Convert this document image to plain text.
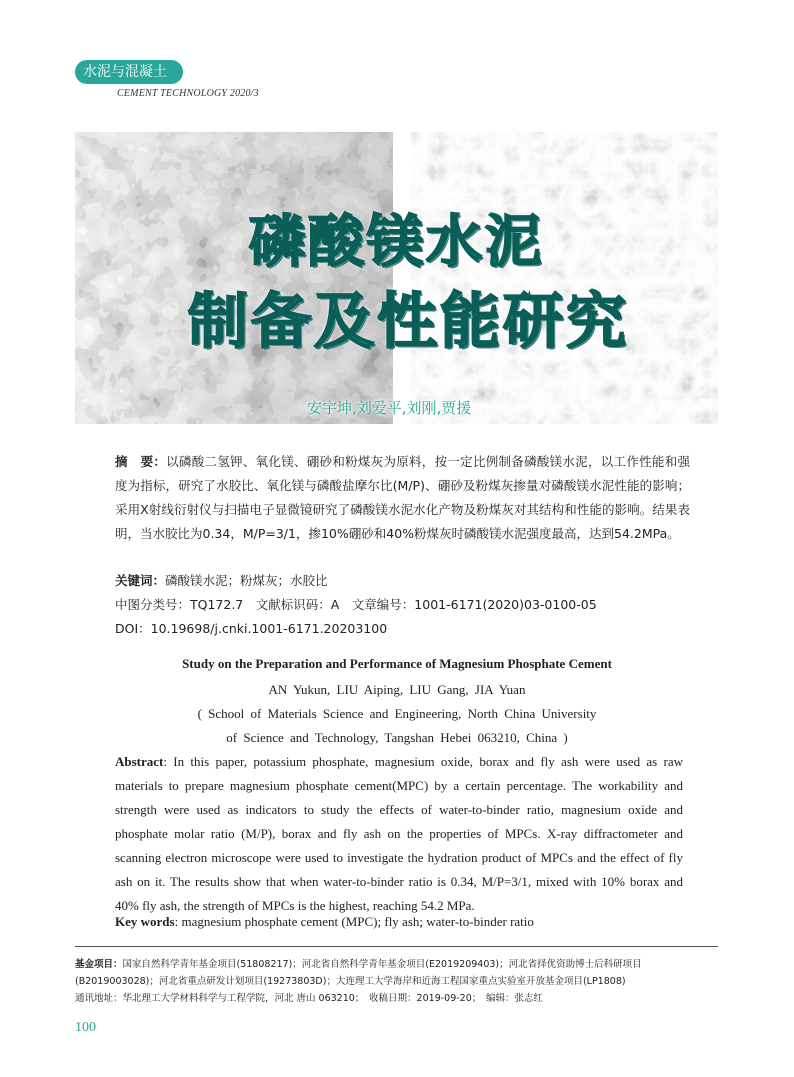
水泥与混凝土
CEMENT TECHNOLOGY 2020/3
磷酸镁水泥
制备及性能研究
安宇坤,刘爱平,刘刚,贾援
摘　要：以磷酸二氢钾、氧化镁、硼砂和粉煤灰为原料，按一定比例制备磷酸镁水泥，以工作性能和强度为指标，研究了水胶比、氧化镁与磷酸盐摩尔比(M/P)、硼砂及粉煤灰掺量对磷酸镁水泥性能的影响；采用X射线衍射仪与扫描电子显微镜研究了磷酸镁水泥水化产物及粉煤灰对其结构和性能的影响。结果表明，当水胶比为0.34，M/P=3/1，掺10%硼砂和40%粉煤灰时磷酸镁水泥强度最高，达到54.2MPa。
关键词：磷酸镁水泥；粉煤灰；水胶比
中图分类号：TQ172.7　文献标识码：A　文章编号：1001-6171(2020)03-0100-05
DOI：10.19698/j.cnki.1001-6171.20203100
Study on the Preparation and Performance of Magnesium Phosphate Cement
AN Yukun, LIU Aiping, LIU Gang, JIA Yuan
( School of Materials Science and Engineering, North China University
of Science and Technology, Tangshan Hebei 063210, China )
Abstract: In this paper, potassium phosphate, magnesium oxide, borax and fly ash were used as raw materials to prepare magnesium phosphate cement(MPC) by a certain percentage. The workability and strength were used as indicators to study the effects of water-to-binder ratio, magnesium oxide and phosphate molar ratio (M/P), borax and fly ash on the properties of MPCs. X-ray diffractometer and scanning electron microscope were used to investigate the hydration product of MPCs and the effect of fly ash on it. The results show that when water-to-binder ratio is 0.34, M/P=3/1, mixed with 10% borax and 40% fly ash, the strength of MPCs is the highest, reaching 54.2 MPa.
Key words: magnesium phosphate cement (MPC); fly ash; water-to-binder ratio
基金项目：国家自然科学青年基金项目(51808217)；河北省自然科学青年基金项目(E2019209403)；河北省择优资助博士后科研项目
(B2019003028)；河北省重点研发计划项目(19273803D)；大连理工大学海岸和近海工程国家重点实验室开放基金项目(LP1808)
通讯地址：华北理工大学材料科学与工程学院，河北 唐山 063210；　收稿日期：2019-09-20；　编辑：张志红
100
